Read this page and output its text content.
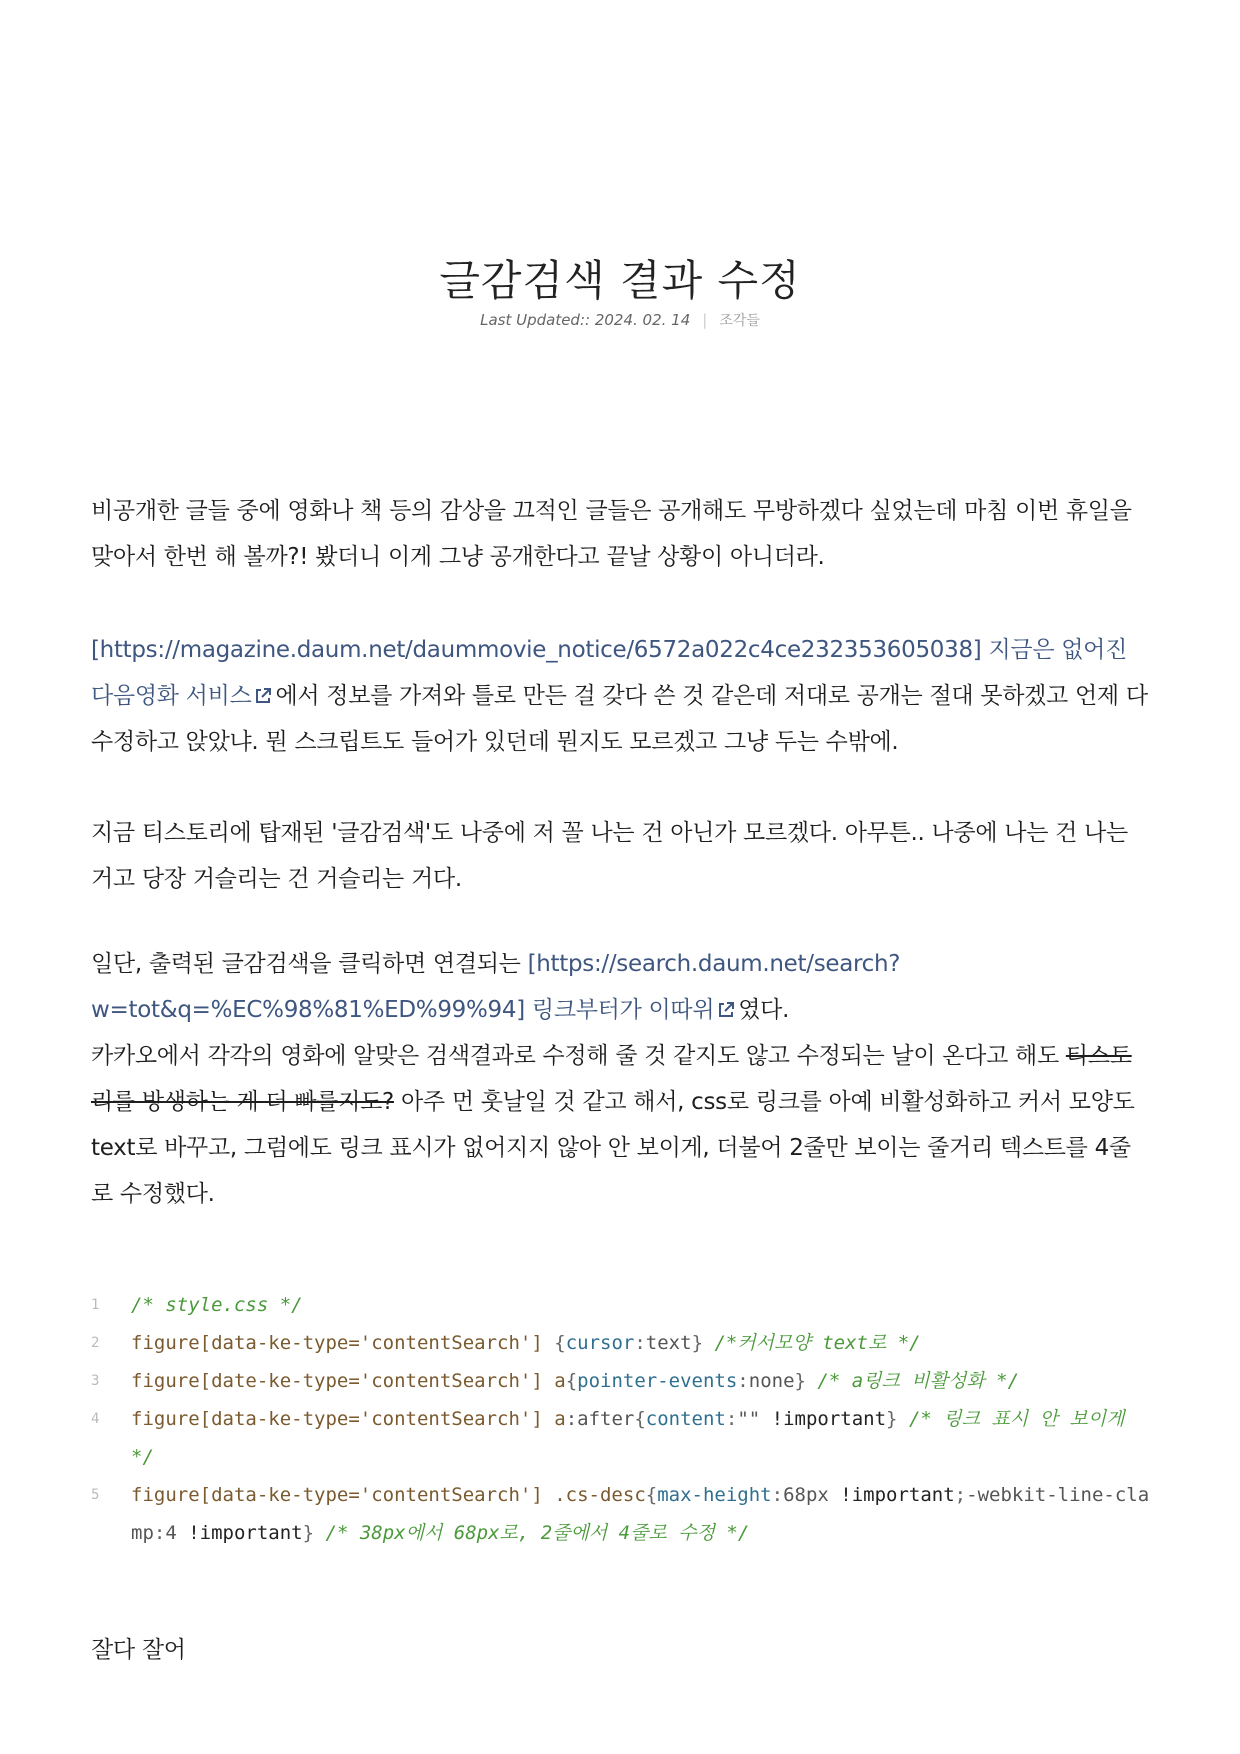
글감검색 결과 수정
Last Updated:: 2024. 02. 14 | 조각들

비공개한 글들 중에 영화나 책 등의 감상을 끄적인 글들은 공개해도 무방하겠다 싶었는데 마침 이번 휴일을 맞아서 한번 해 볼까?! 봤더니 이게 그냥 공개한다고 끝날 상황이 아니더라.

[https://magazine.daum.net/daummovie_notice/6572a022c4ce232353605038] 지금은 없어진 다음영화 서비스 에서 정보를 가져와 틀로 만든 걸 갖다 쓴 것 같은데 저대로 공개는 절대 못하겠고 언제 다 수정하고 앉았냐. 뭔 스크립트도 들어가 있던데 뭔지도 모르겠고 그냥 두는 수밖에.

지금 티스토리에 탑재된 '글감검색'도 나중에 저 꼴 나는 건 아닌가 모르겠다. 아무튼.. 나중에 나는 건 나는 거고 당장 거슬리는 건 거슬리는 거다.

일단, 출력된 글감검색을 클릭하면 연결되는 [https://search.daum.net/search?w=tot&q=%EC%98%81%ED%99%94] 링크부터가 이따위 였다.

카카오에서 각각의 영화에 알맞은 검색결과로 수정해 줄 것 같지도 않고 수정되는 날이 온다고 해도 티스토리를 방생하는 게 더 빠를지도? 아주 먼 훗날일 것 같고 해서, css로 링크를 아예 비활성화하고 커서 모양도 text로 바꾸고, 그럼에도 링크 표시가 없어지지 않아 안 보이게, 더불어 2줄만 보이는 줄거리 텍스트를 4줄로 수정했다.

1	/* style.css */
2	figure[data-ke-type='contentSearch'] {cursor:text} /*커서모양 text로 */
3	figure[date-ke-type='contentSearch'] a{pointer-events:none} /* a링크 비활성화 */
4	figure[data-ke-type='contentSearch'] a:after{content:"" !important} /* 링크 표시 안 보이게 */
5	figure[data-ke-type='contentSearch'] .cs-desc{max-height:68px !important;-webkit-line-clamp:4 !important} /* 38px에서 68px로, 2줄에서 4줄로 수정 */

잘다 잘어
